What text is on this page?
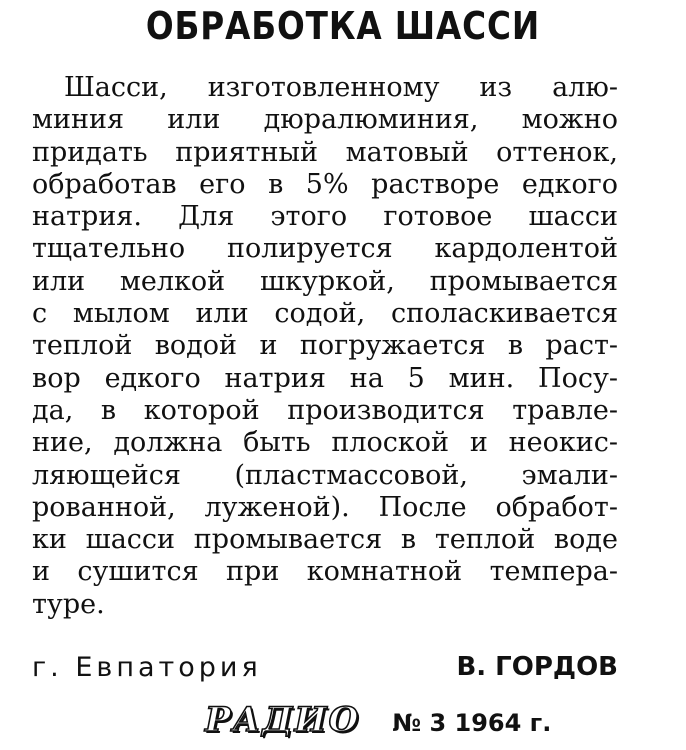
ОБРАБОТКА ШАССИ
Шасси, изготовленному из алю-
миния или дюралюминия, можно
придать приятный матовый оттенок,
обработав его в 5% растворе едкого
натрия. Для этого готовое шасси
тщательно полируется кардолентой
или мелкой шкуркой, промывается
с мылом или содой, споласкивается
теплой водой и погружается в раст-
вор едкого натрия на 5 мин. Посу-
да, в которой производится травле-
ние, должна быть плоской и неокис-
ляющейся (пластмассовой, эмали-
рованной, луженой). После обработ-
ки шасси промывается в теплой воде
и сушится при комнатной темпера-
туре.
г. Евпатория	В. ГОРДОВ
РАДИО № 3 1964 г.
